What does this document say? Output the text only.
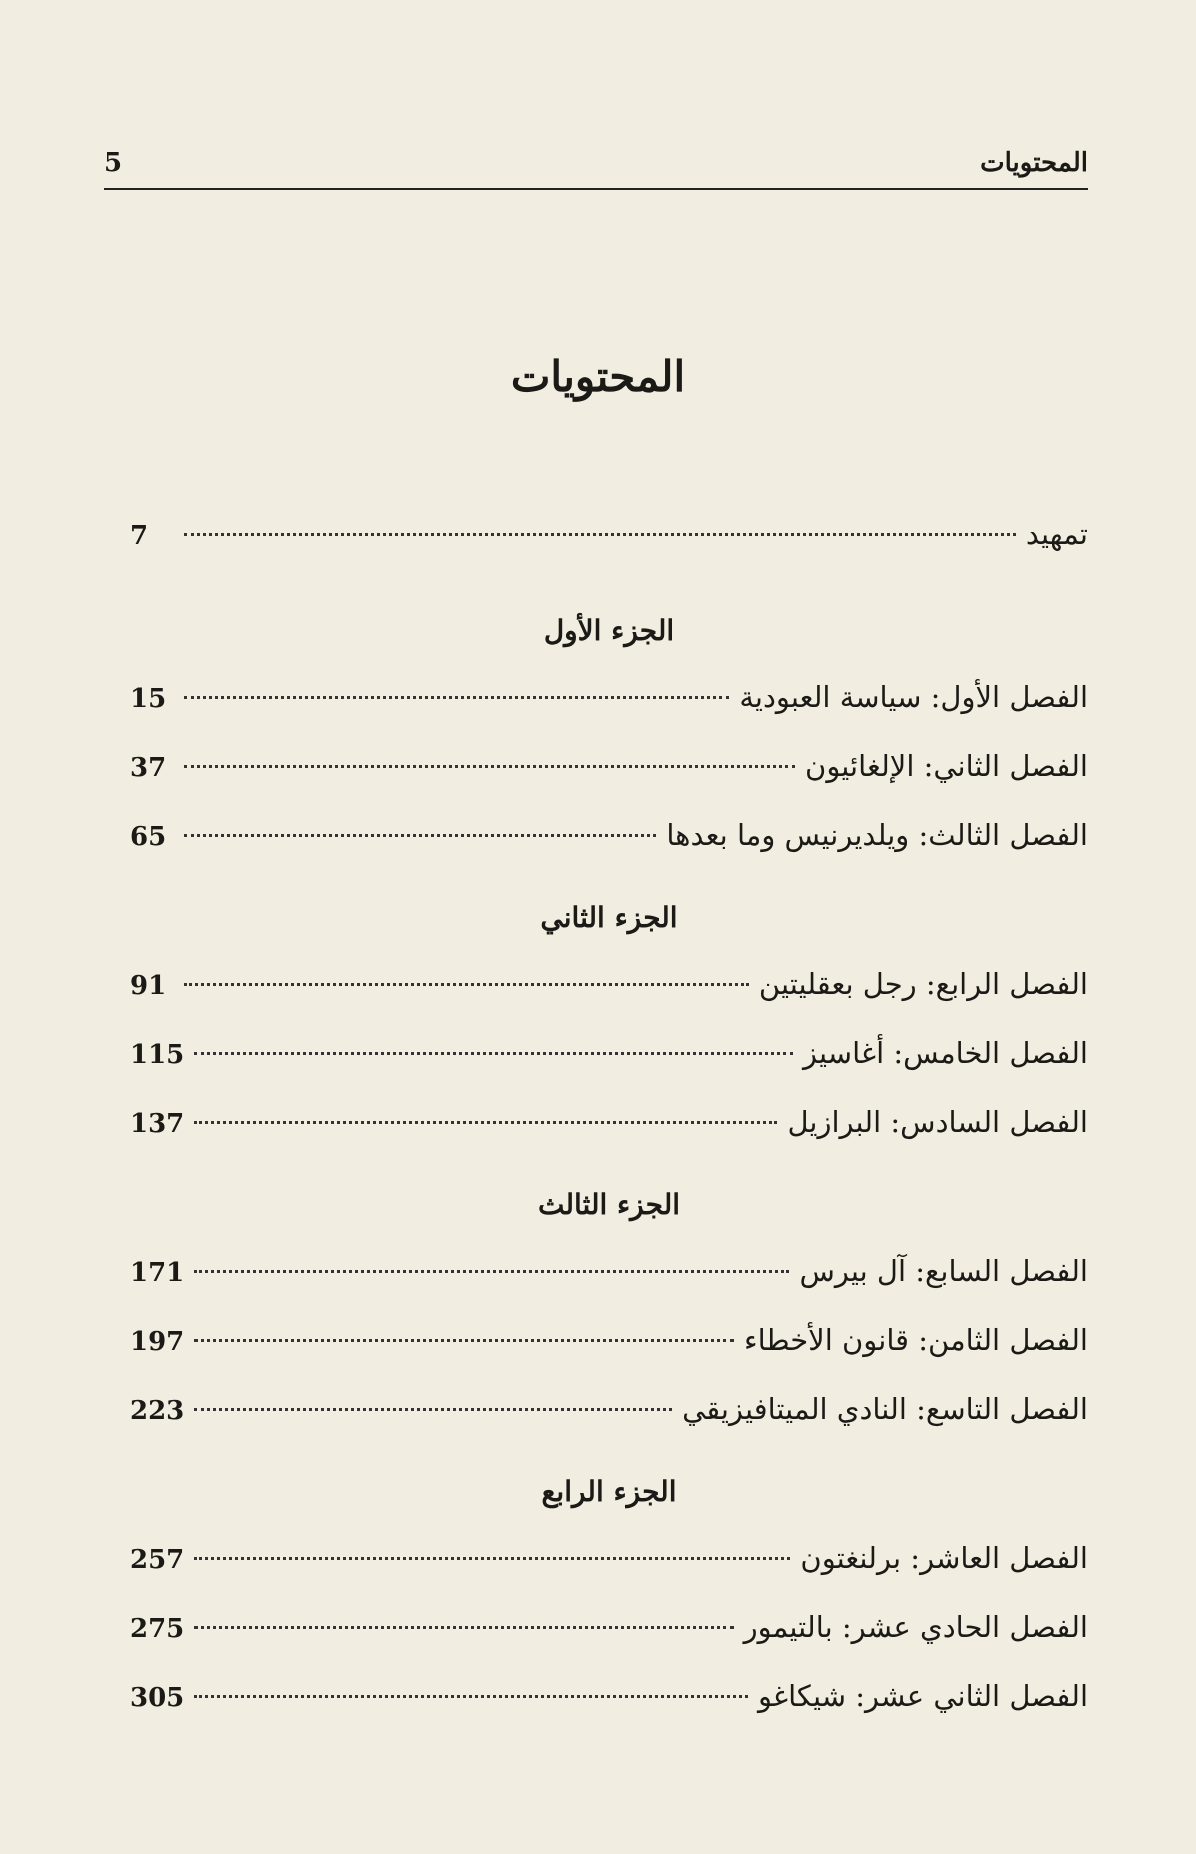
المحتويات
5
المحتويات
تمهيد
7
الجزء الأول
الفصل الأول: سياسة العبودية
15
الفصل الثاني: الإلغائيون
37
الفصل الثالث: ويلديرنيس وما بعدها
65
الجزء الثاني
الفصل الرابع: رجل بعقليتين
91
الفصل الخامس: أغاسيز
115
الفصل السادس: البرازيل
137
الجزء الثالث
الفصل السابع: آل بيرس
171
الفصل الثامن: قانون الأخطاء
197
الفصل التاسع: النادي الميتافيزيقي
223
الجزء الرابع
الفصل العاشر: برلنغتون
257
الفصل الحادي عشر: بالتيمور
275
الفصل الثاني عشر: شيكاغو
305
